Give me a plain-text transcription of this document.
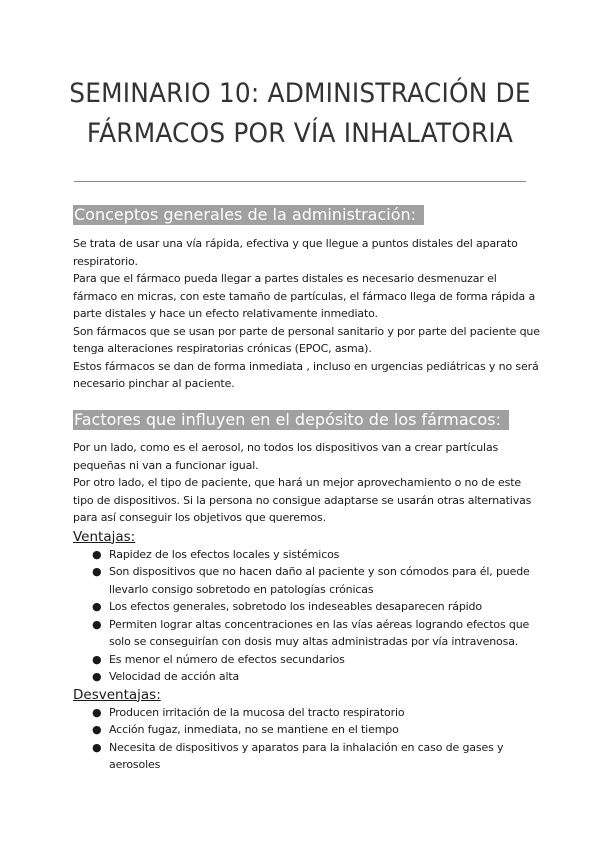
SEMINARIO 10: ADMINISTRACIÓN DE FÁRMACOS POR VÍA INHALATORIA
Conceptos generales de la administración:

Se trata de usar una vía rápida, efectiva y que llegue a puntos distales del aparato respiratorio.

Para que el fármaco pueda llegar a partes distales es necesario desmenuzar el fármaco en micras, con este tamaño de partículas, el fármaco llega de forma rápida a parte distales y hace un efecto relativamente inmediato.

Son fármacos que se usan por parte de personal sanitario y por parte del paciente que tenga alteraciones respiratorias crónicas (EPOC, asma).

Estos fármacos se dan de forma inmediata , incluso en urgencias pediátricas y no será necesario pinchar al paciente.

Factores que influyen en el depósito de los fármacos:

Por un lado, como es el aerosol, no todos los dispositivos van a crear partículas pequeñas ni van a funcionar igual.

Por otro lado, el tipo de paciente, que hará un mejor aprovechamiento o no de este tipo de dispositivos. Si la persona no consigue adaptarse se usarán otras alternativas para así conseguir los objetivos que queremos.

Ventajas:

● Rapidez de los efectos locales y sistémicos
● Son dispositivos que no hacen daño al paciente y son cómodos para él, puede llevarlo consigo sobretodo en patologías crónicas
● Los efectos generales, sobretodo los indeseables desaparecen rápido
● Permiten lograr altas concentraciones en las vías aéreas logrando efectos que solo se conseguirían con dosis muy altas administradas por vía intravenosa.
● Es menor el número de efectos secundarios
● Velocidad de acción alta

Desventajas:

● Producen irritación de la mucosa del tracto respiratorio
● Acción fugaz, inmediata, no se mantiene en el tiempo
● Necesita de dispositivos y aparatos para la inhalación en caso de gases y aerosoles
